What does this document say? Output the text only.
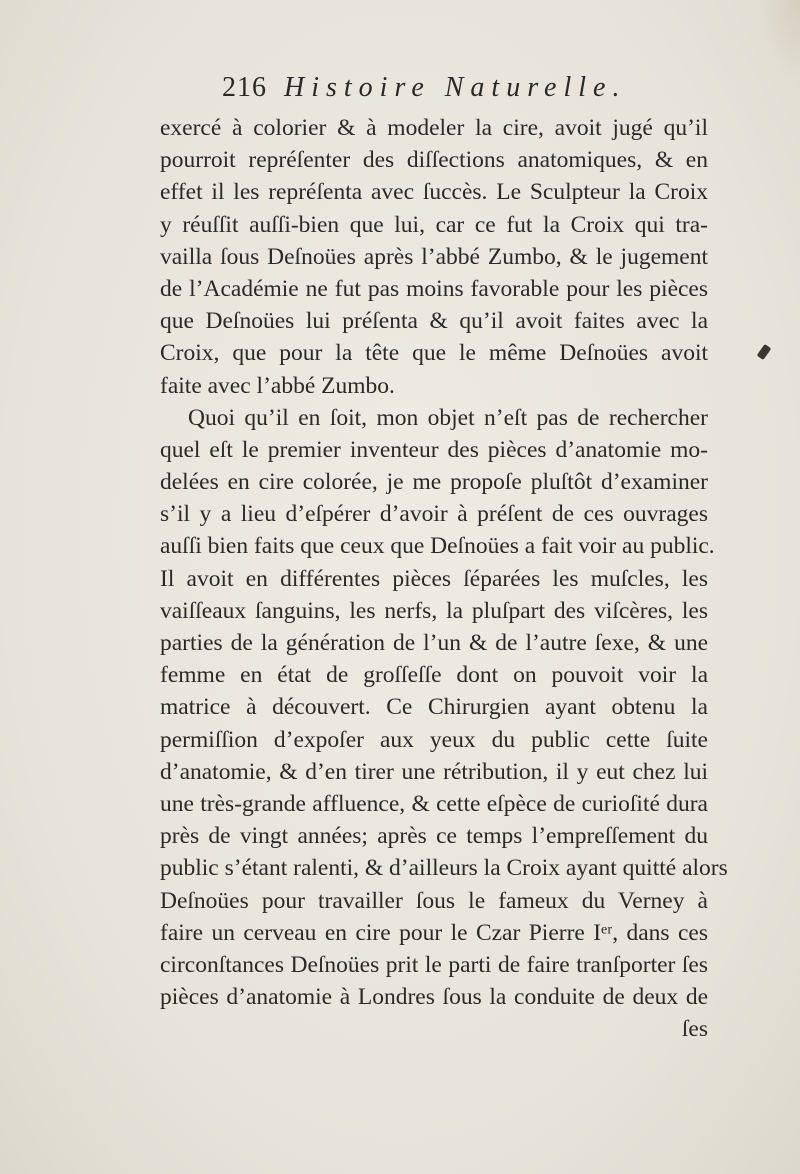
216 Histoire Naturelle.
exercé à colorier & à modeler la cire, avoit jugé qu’il
pourroit repréſenter des diſſections anatomiques, & en
effet il les repréſenta avec ſuccès. Le Sculpteur la Croix
y réuſſit auſſi-bien que lui, car ce fut la Croix qui tra-
vailla ſous Deſnoües après l’abbé Zumbo, & le jugement
de l’Académie ne fut pas moins favorable pour les pièces
que Deſnoües lui préſenta & qu’il avoit faites avec la
Croix, que pour la tête que le même Deſnoües avoit
faite avec l’abbé Zumbo.
Quoi qu’il en ſoit, mon objet n’eſt pas de rechercher
quel eſt le premier inventeur des pièces d’anatomie mo-
delées en cire colorée, je me propoſe pluſtôt d’examiner
s’il y a lieu d’eſpérer d’avoir à préſent de ces ouvrages
auſſi bien faits que ceux que Deſnoües a fait voir au public.
Il avoit en différentes pièces ſéparées les muſcles, les
vaiſſeaux ſanguins, les nerfs, la pluſpart des viſcères, les
parties de la génération de l’un & de l’autre ſexe, & une
femme en état de groſſeſſe dont on pouvoit voir la
matrice à découvert. Ce Chirurgien ayant obtenu la
permiſſion d’expoſer aux yeux du public cette ſuite
d’anatomie, & d’en tirer une rétribution, il y eut chez lui
une très-grande affluence, & cette eſpèce de curioſité dura
près de vingt années; après ce temps l’empreſſement du
public s’étant ralenti, & d’ailleurs la Croix ayant quitté alors
Deſnoües pour travailler ſous le fameux du Verney à
faire un cerveau en cire pour le Czar Pierre Iᵉʳ, dans ces
circonſtances Deſnoües prit le parti de faire tranſporter ſes
pièces d’anatomie à Londres ſous la conduite de deux de
ſes
